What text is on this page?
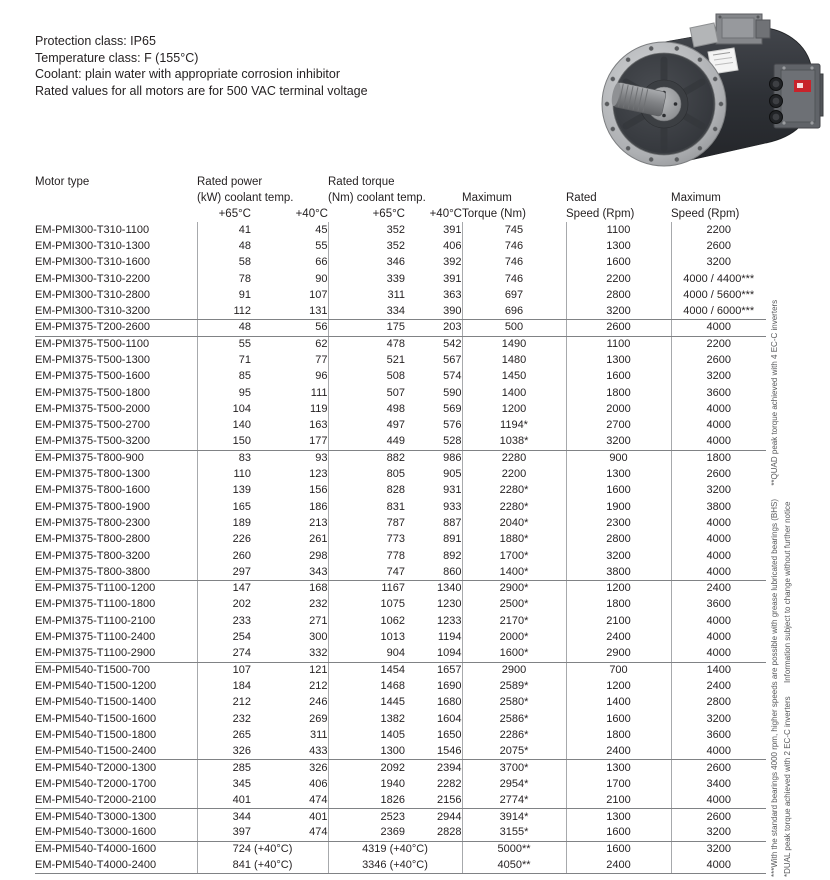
Protection class: IP65
Temperature class: F (155°C)
Coolant: plain water with appropriate corrosion inhibitor
Rated values for all motors are for 500 VAC terminal voltage
Motor type	Rated power		Rated torque				
	(kW) coolant temp.		(Nm) coolant temp.		Maximum	Rated	Maximum
	+65°C	+40°C	+65°C	+40°C	Torque (Nm)	Speed (Rpm)	Speed (Rpm)
EM-PMI300-T310-1100	41	45	352	391	745	1100	2200
EM-PMI300-T310-1300	48	55	352	406	746	1300	2600
EM-PMI300-T310-1600	58	66	346	392	746	1600	3200
EM-PMI300-T310-2200	78	90	339	391	746	2200	4000 / 4400***
EM-PMI300-T310-2800	91	107	311	363	697	2800	4000 / 5600***
EM-PMI300-T310-3200	112	131	334	390	696	3200	4000 / 6000***
EM-PMI375-T200-2600	48	56	175	203	500	2600	4000
EM-PMI375-T500-1100	55	62	478	542	1490	1100	2200
EM-PMI375-T500-1300	71	77	521	567	1480	1300	2600
EM-PMI375-T500-1600	85	96	508	574	1450	1600	3200
EM-PMI375-T500-1800	95	111	507	590	1400	1800	3600
EM-PMI375-T500-2000	104	119	498	569	1200	2000	4000
EM-PMI375-T500-2700	140	163	497	576	1194*	2700	4000
EM-PMI375-T500-3200	150	177	449	528	1038*	3200	4000
EM-PMI375-T800-900	83	93	882	986	2280	900	1800
EM-PMI375-T800-1300	110	123	805	905	2200	1300	2600
EM-PMI375-T800-1600	139	156	828	931	2280*	1600	3200
EM-PMI375-T800-1900	165	186	831	933	2280*	1900	3800
EM-PMI375-T800-2300	189	213	787	887	2040*	2300	4000
EM-PMI375-T800-2800	226	261	773	891	1880*	2800	4000
EM-PMI375-T800-3200	260	298	778	892	1700*	3200	4000
EM-PMI375-T800-3800	297	343	747	860	1400*	3800	4000
EM-PMI375-T1100-1200	147	168	1167	1340	2900*	1200	2400
EM-PMI375-T1100-1800	202	232	1075	1230	2500*	1800	3600
EM-PMI375-T1100-2100	233	271	1062	1233	2170*	2100	4000
EM-PMI375-T1100-2400	254	300	1013	1194	2000*	2400	4000
EM-PMI375-T1100-2900	274	332	904	1094	1600*	2900	4000
EM-PMI540-T1500-700	107	121	1454	1657	2900	700	1400
EM-PMI540-T1500-1200	184	212	1468	1690	2589*	1200	2400
EM-PMI540-T1500-1400	212	246	1445	1680	2580*	1400	2800
EM-PMI540-T1500-1600	232	269	1382	1604	2586*	1600	3200
EM-PMI540-T1500-1800	265	311	1405	1650	2286*	1800	3600
EM-PMI540-T1500-2400	326	433	1300	1546	2075*	2400	4000
EM-PMI540-T2000-1300	285	326	2092	2394	3700*	1300	2600
EM-PMI540-T2000-1700	345	406	1940	2282	2954*	1700	3400
EM-PMI540-T2000-2100	401	474	1826	2156	2774*	2100	4000
EM-PMI540-T3000-1300	344	401	2523	2944	3914*	1300	2600
EM-PMI540-T3000-1600	397	474	2369	2828	3155*	1600	3200
EM-PMI540-T4000-1600	724 (+40°C)		4319 (+40°C)		5000**	1600	3200
EM-PMI540-T4000-2400	841 (+40°C)		3346 (+40°C)		4050**	2400	4000	***With the standard bearings 4000 rpm, higher speeds are possible with grease lubricated bearings (BHS)      **QUAD peak torque achieved with 4 EC-C inverters *DUAL peak torque achieved with 2 EC-C inverters      Information subject to change without further notice
